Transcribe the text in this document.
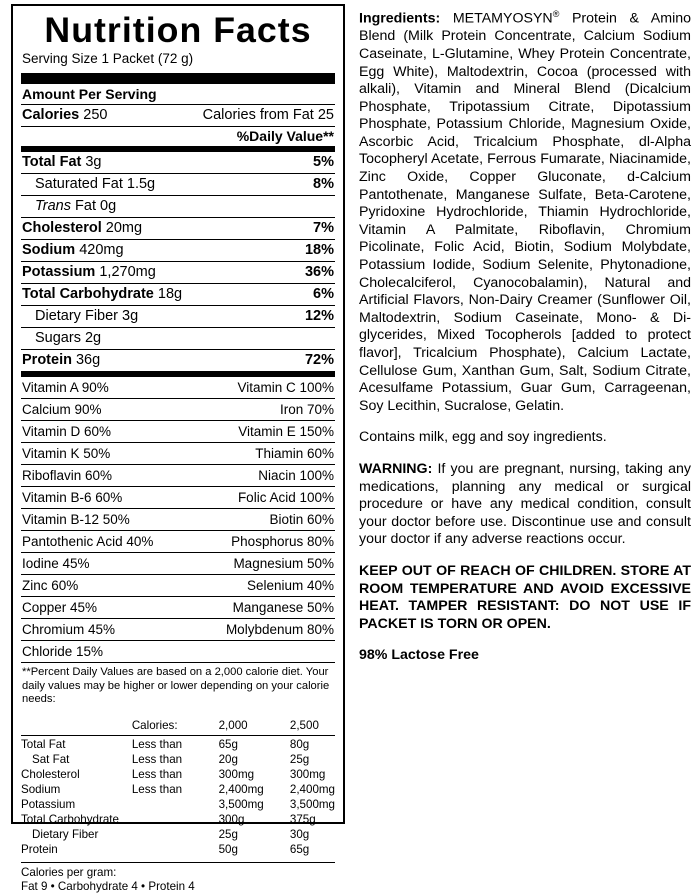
Nutrition Facts
Serving Size 1 Packet (72 g)
Amount Per Serving
Calories 250	Calories from Fat 25
%Daily Value**
Total Fat 3g	5%
Saturated Fat 1.5g	8%
Trans Fat 0g
Cholesterol 20mg	7%
Sodium 420mg	18%
Potassium 1,270mg	36%
Total Carbohydrate 18g	6%
Dietary Fiber 3g	12%
Sugars 2g
Protein 36g	72%
Vitamin A 90%	Vitamin C 100%
Calcium 90%	Iron 70%
Vitamin D 60%	Vitamin E 150%
Vitamin K 50%	Thiamin 60%
Riboflavin 60%	Niacin 100%
Vitamin B-6 60%	Folic Acid 100%
Vitamin B-12 50%	Biotin 60%
Pantothenic Acid 40%	Phosphorus 80%
Iodine 45%	Magnesium 50%
Zinc 60%	Selenium 40%
Copper 45%	Manganese 50%
Chromium 45%	Molybdenum 80%
Chloride 15%
**Percent Daily Values are based on a 2,000 calorie diet. Your daily values may be higher or lower depending on your calorie needs:
	Calories:	2,000	2,500
Total Fat	Less than	65g	80g
Sat Fat	Less than	20g	25g
Cholesterol	Less than	300mg	300mg
Sodium	Less than	2,400mg	2,400mg
Potassium		3,500mg	3,500mg
Total Carbohydrate		300g	375g
Dietary Fiber		25g	30g
Protein		50g	65g
Calories per gram:
Fat 9 • Carbohydrate 4 • Protein 4

Ingredients: METAMYOSYN® Protein & Amino Blend (Milk Protein Concentrate, Calcium Sodium Caseinate, L-Glutamine, Whey Protein Concentrate, Egg White), Maltodextrin, Cocoa (processed with alkali), Vitamin and Mineral Blend (Dicalcium Phosphate, Tripotassium Citrate, Dipotassium Phosphate, Potassium Chloride, Magnesium Oxide, Ascorbic Acid, Tricalcium Phosphate, dl-Alpha Tocopheryl Acetate, Ferrous Fumarate, Niacinamide, Zinc Oxide, Copper Gluconate, d-Calcium Pantothenate, Manganese Sulfate, Beta-Carotene, Pyridoxine Hydrochloride, Thiamin Hydrochloride, Vitamin A Palmitate, Riboflavin, Chromium Picolinate, Folic Acid, Biotin, Sodium Molybdate, Potassium Iodide, Sodium Selenite, Phytonadione, Cholecalciferol, Cyanocobalamin), Natural and Artificial Flavors, Non-Dairy Creamer (Sunflower Oil, Maltodextrin, Sodium Caseinate, Mono- & Di-glycerides, Mixed Tocopherols [added to protect flavor], Tricalcium Phosphate), Calcium Lactate, Cellulose Gum, Xanthan Gum, Salt, Sodium Citrate, Acesulfame Potassium, Guar Gum, Carrageenan, Soy Lecithin, Sucralose, Gelatin.

Contains milk, egg and soy ingredients.

WARNING: If you are pregnant, nursing, taking any medications, planning any medical or surgical procedure or have any medical condition, consult your doctor before use. Discontinue use and consult your doctor if any adverse reactions occur.

KEEP OUT OF REACH OF CHILDREN. STORE AT ROOM TEMPERATURE AND AVOID EXCESSIVE HEAT. TAMPER RESISTANT: DO NOT USE IF PACKET IS TORN OR OPEN.

98% Lactose Free
